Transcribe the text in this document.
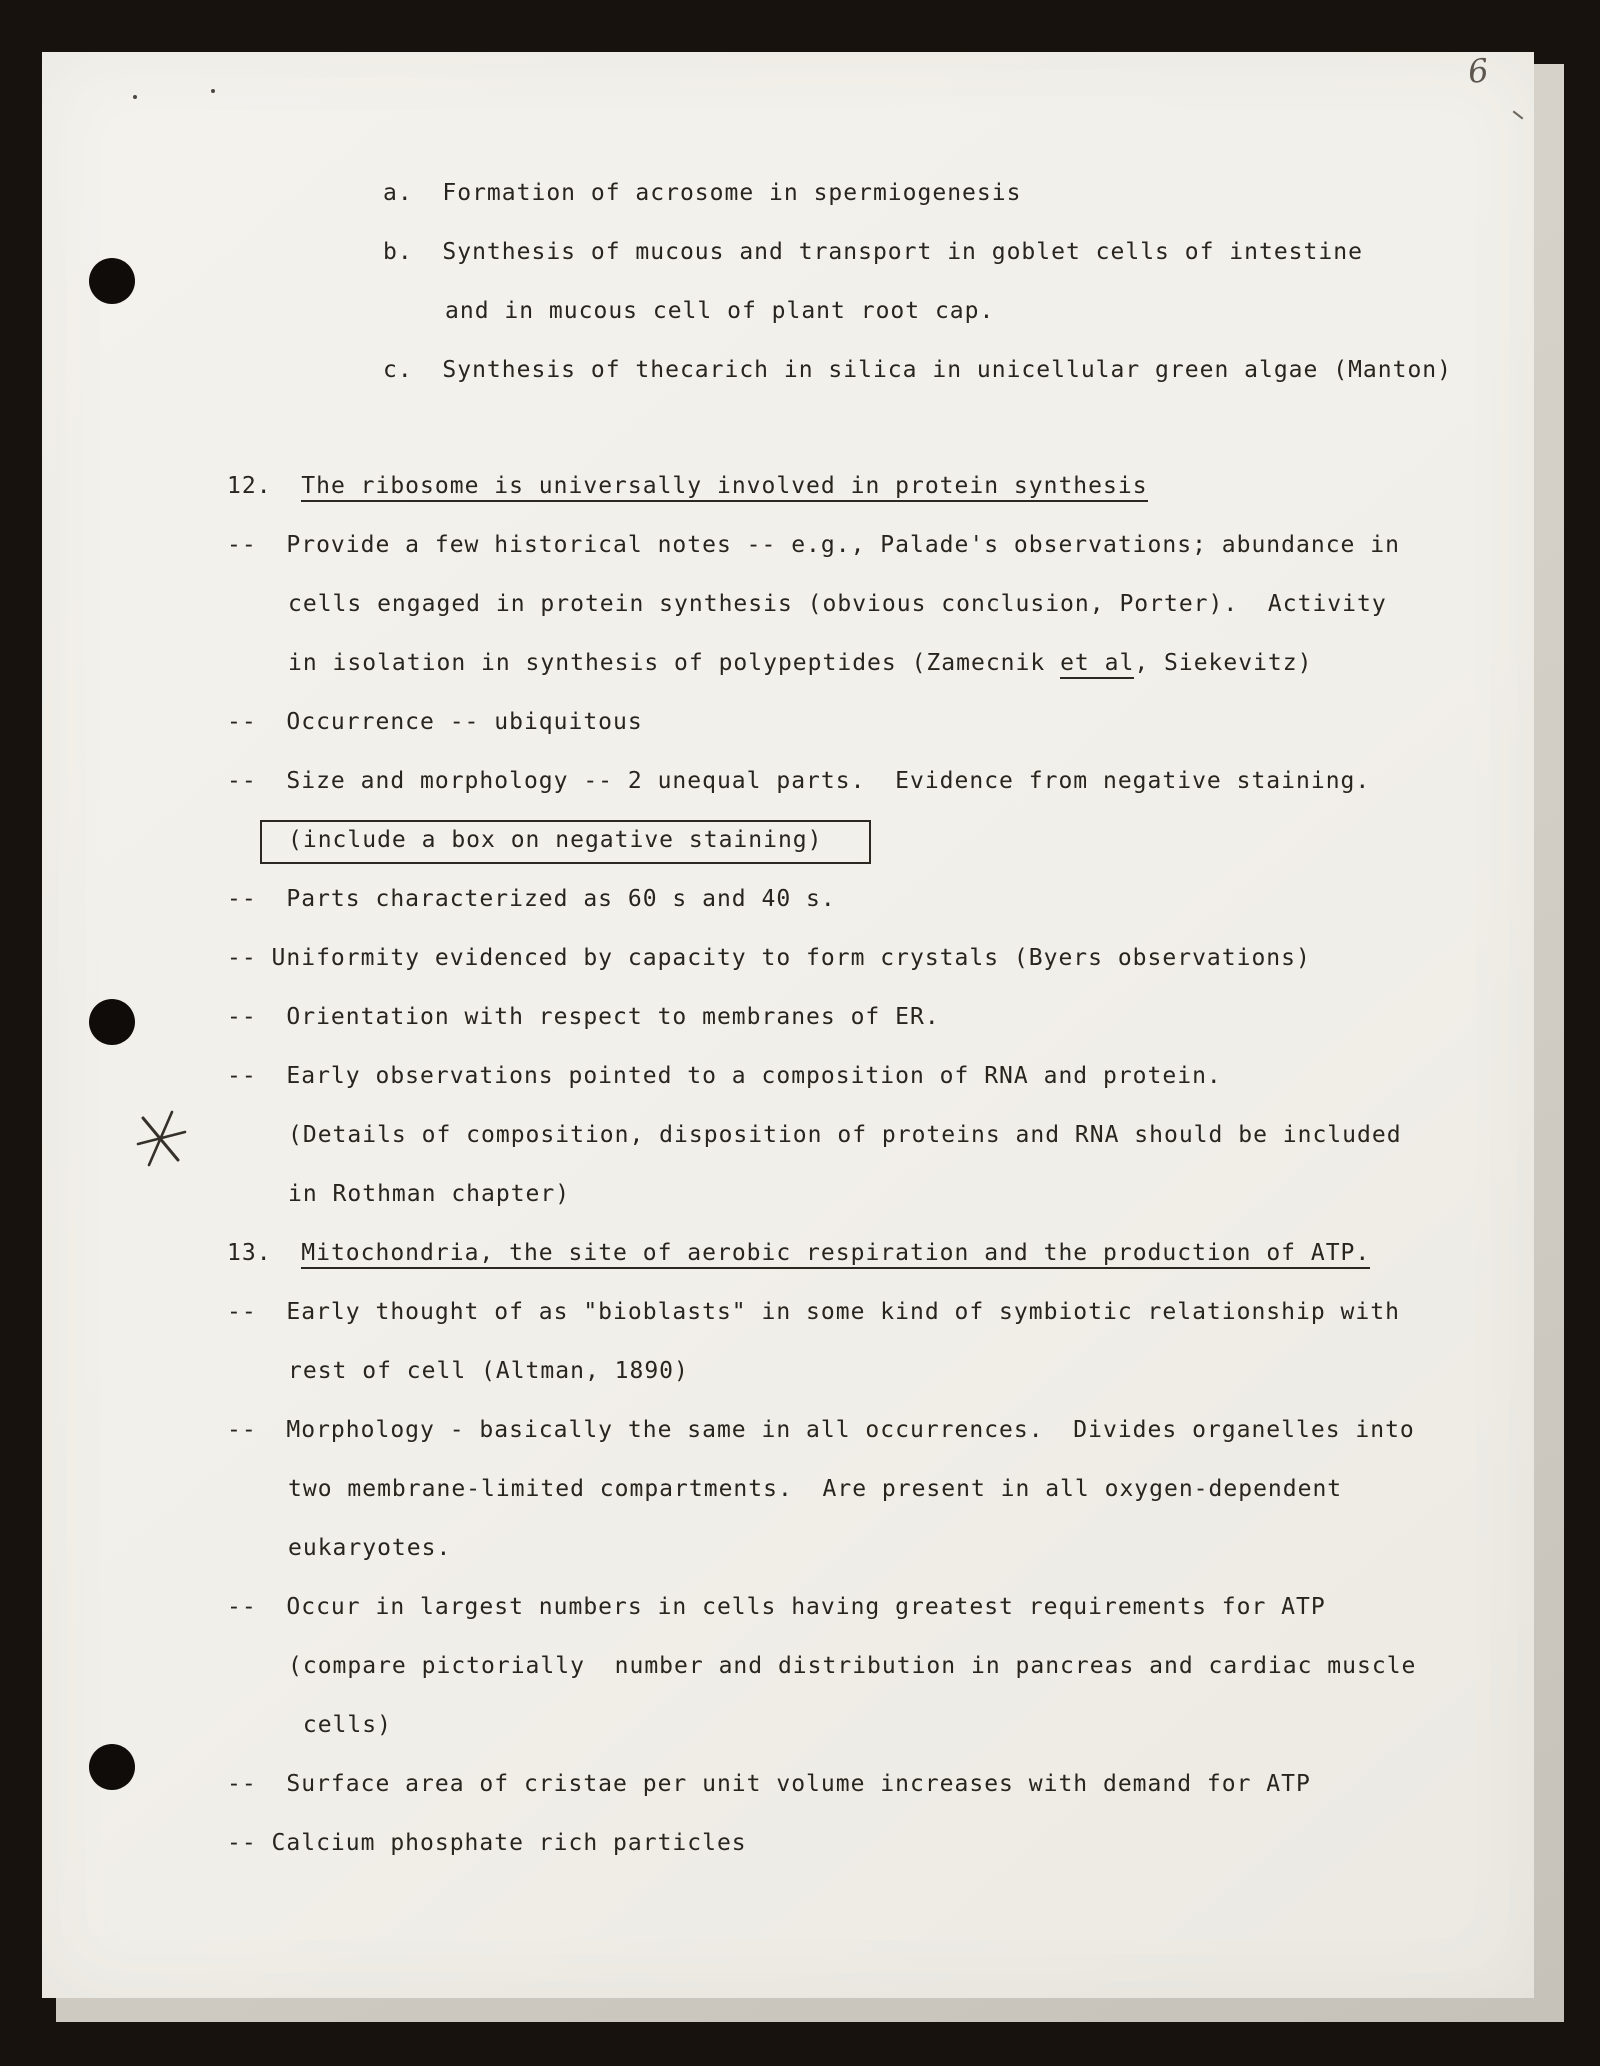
a.  Formation of acrosome in spermiogenesis
b.  Synthesis of mucous and transport in goblet cells of intestine
and in mucous cell of plant root cap.
c.  Synthesis of thecarich in silica in unicellular green algae (Manton)
12.  The ribosome is universally involved in protein synthesis
--  Provide a few historical notes -- e.g., Palade's observations; abundance in
cells engaged in protein synthesis (obvious conclusion, Porter).  Activity
in isolation in synthesis of polypeptides (Zamecnik et al, Siekevitz)
--  Occurrence -- ubiquitous
--  Size and morphology -- 2 unequal parts.  Evidence from negative staining.
(include a box on negative staining)
--  Parts characterized as 60 s and 40 s.
-- Uniformity evidenced by capacity to form crystals (Byers observations)
--  Orientation with respect to membranes of ER.
--  Early observations pointed to a composition of RNA and protein.
(Details of composition, disposition of proteins and RNA should be included
in Rothman chapter)
13.  Mitochondria, the site of aerobic respiration and the production of ATP.
--  Early thought of as "bioblasts" in some kind of symbiotic relationship with
rest of cell (Altman, 1890)
--  Morphology - basically the same in all occurrences.  Divides organelles into
two membrane-limited compartments.  Are present in all oxygen-dependent
eukaryotes.
--  Occur in largest numbers in cells having greatest requirements for ATP
(compare pictorially  number and distribution in pancreas and cardiac muscle
cells)
--  Surface area of cristae per unit volume increases with demand for ATP
-- Calcium phosphate rich particles
6
